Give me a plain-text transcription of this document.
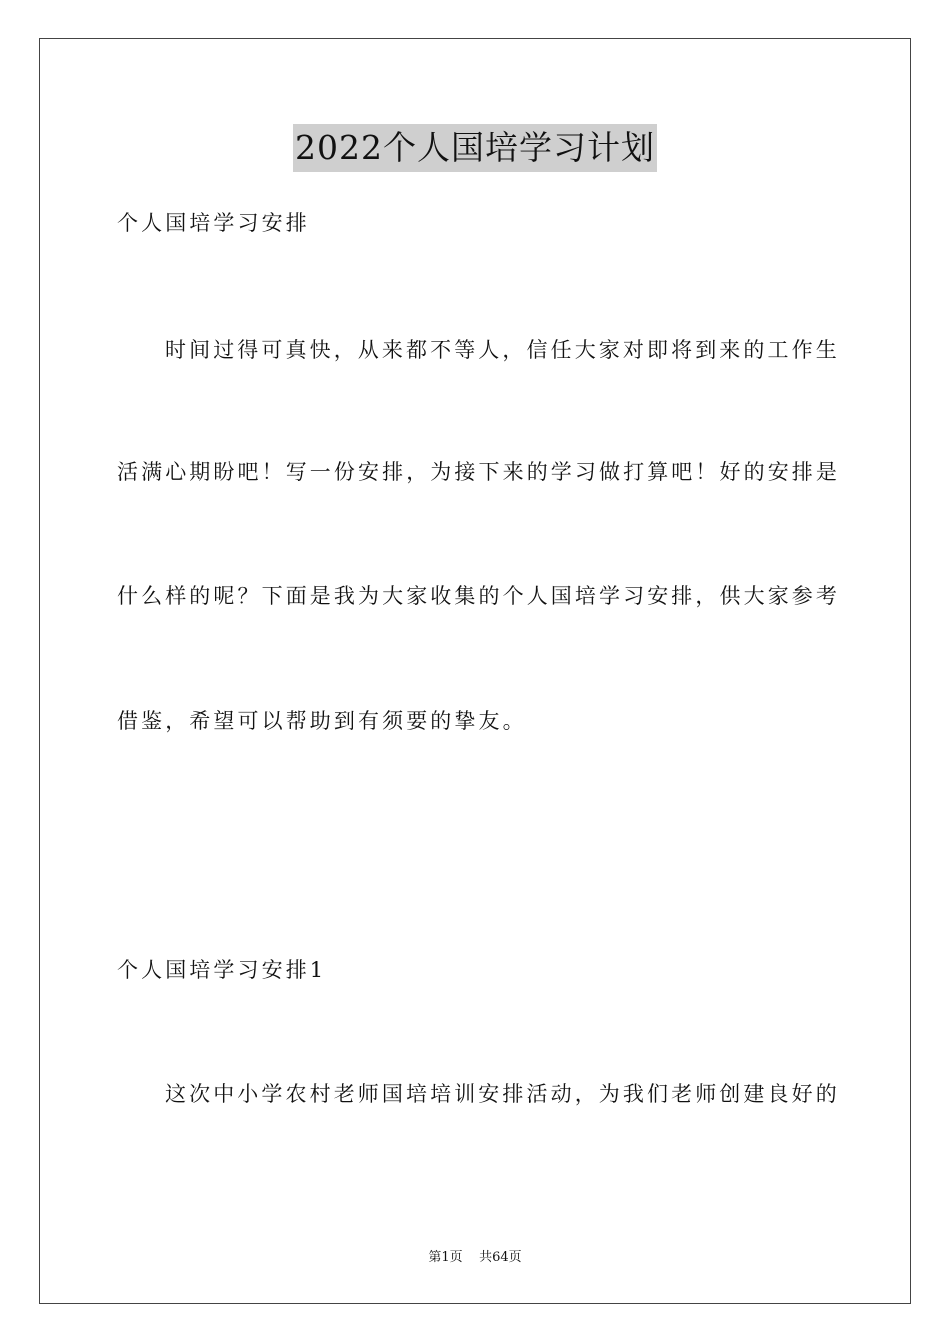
2022个人国培学习计划
个人国培学习安排
时间过得可真快，从来都不等人，信任大家对即将到来的工作生
活满心期盼吧！写一份安排，为接下来的学习做打算吧！好的安排是
什么样的呢？下面是我为大家收集的个人国培学习安排，供大家参考
借鉴，希望可以帮助到有须要的挚友。
个人国培学习安排1
这次中小学农村老师国培培训安排活动，为我们老师创建良好的
第1页 共64页
